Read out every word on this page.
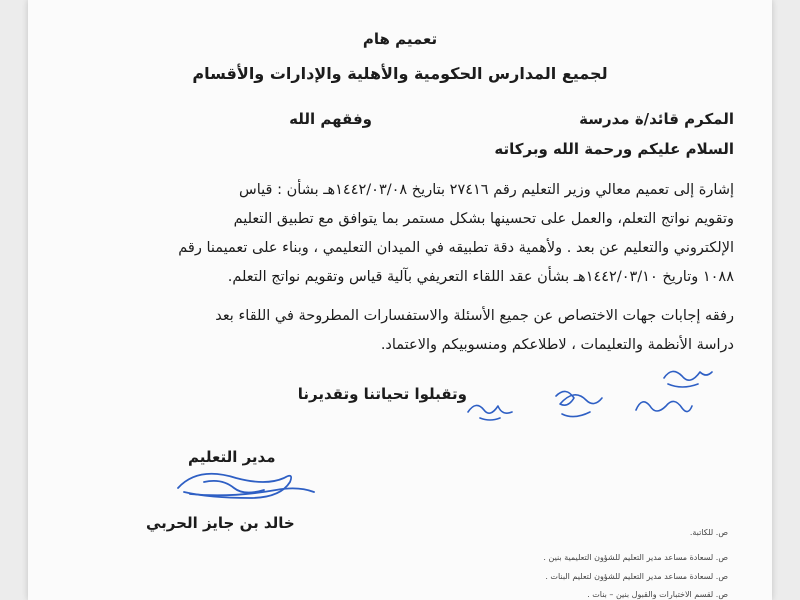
تعميم هام
لجميع المدارس الحكومية والأهلية والإدارات والأقسام
المكرم قائد/ة مدرسة
وفقهم الله
السلام عليكم ورحمة الله وبركاته
إشارة إلى تعميم معالي وزير التعليم رقم ٢٧٤١٦ بتاريخ ١٤٤٢/٠٣/٠٨هـ بشأن : قياس
وتقويم نواتج التعلم، والعمل على تحسينها بشكل مستمر بما يتوافق مع تطبيق التعليم
الإلكتروني والتعليم عن بعد . ولأهمية دقة تطبيقه في الميدان التعليمي ، وبناء على تعميمنا رقم
١٠٨٨ وتاريخ ١٤٤٢/٠٣/١٠هـ بشأن عقد اللقاء التعريفي بآلية قياس وتقويم نواتج التعلم.
رفقه إجابات جهات الاختصاص عن جميع الأسئلة والاستفسارات المطروحة في اللقاء بعد
دراسة الأنظمة والتعليمات ، لاطلاعكم ومنسوبيكم والاعتماد.
وتقبلوا تحياتنا وتقديرنا
مدير التعليم
خالد بن جايز الحربي
ص. للكاتبة.
ص. لسعادة مساعد مدير التعليم للشؤون التعليمية بنين .
ص. لسعادة مساعد مدير التعليم للشؤون لتعليم البنات .
ص. لقسم الاختبارات والقبول بنين – بنات .
